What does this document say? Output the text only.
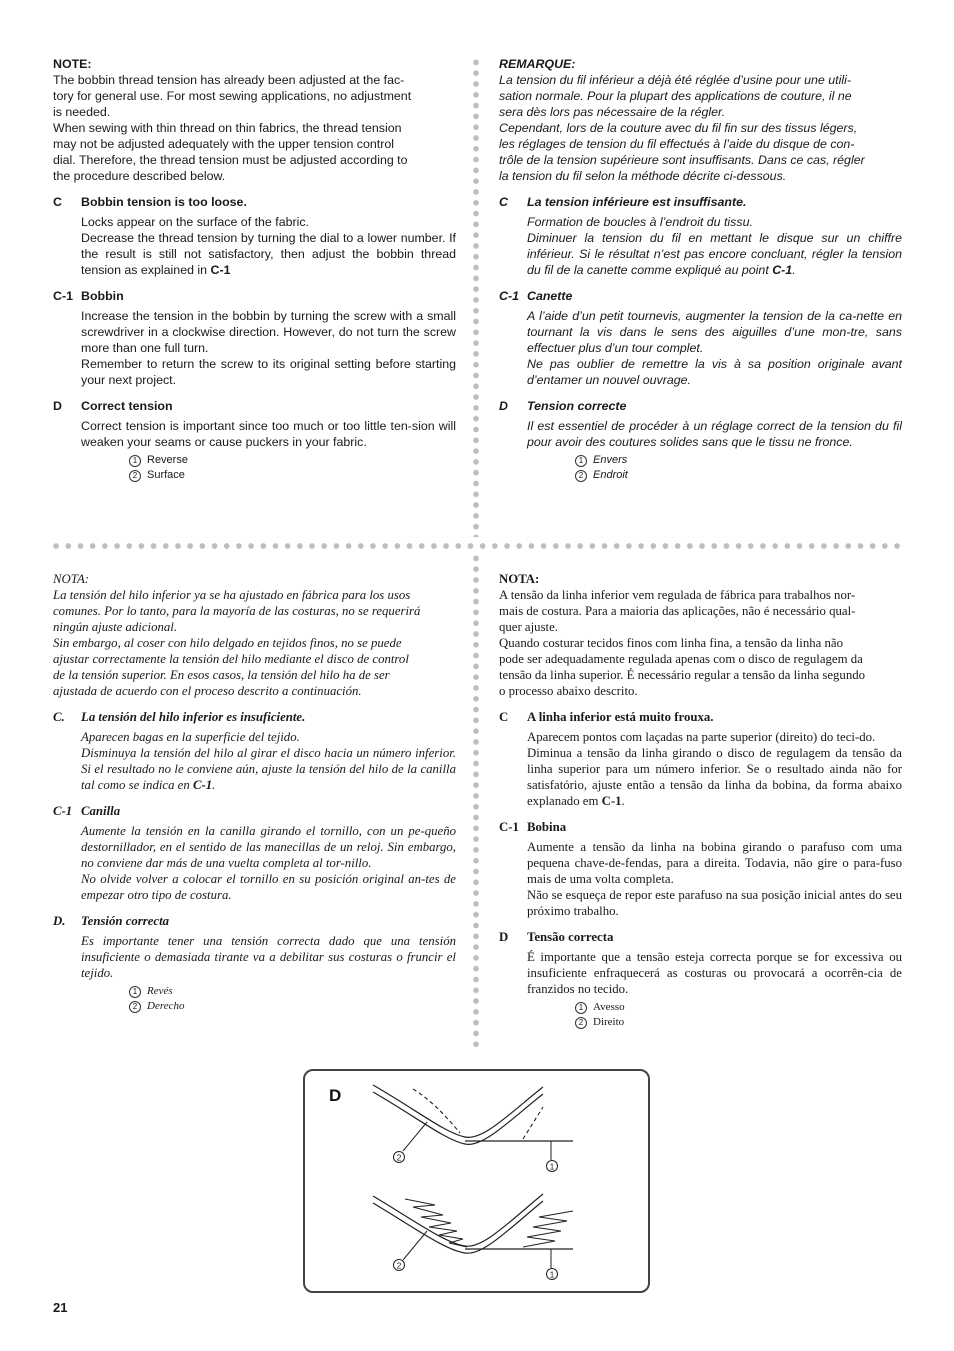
NOTE:

The bobbin thread tension has already been adjusted at the fac-
tory for general use. For most sewing applications, no adjustment
is needed.
When sewing with thin thread on thin fabrics, the thread tension
may not be adjusted adequately with the upper tension control
dial. Therefore, the thread tension must be adjusted according to
the procedure described below.

C	Bobbin tension is too loose.

Locks appear on the surface of the fabric.

Decrease the thread tension by turning the dial to a lower number. If the result is still not satisfactory, then adjust the bobbin thread tension as explained in C-1

C-1 Bobbin

Increase the tension in the bobbin by turning the screw with a small screwdriver in a clockwise direction. However, do not turn the screw more than one full turn.

Remember to return the screw to its original setting before starting your next project.

D	Correct tension

Correct tension is important since too much or too little ten-sion will weaken your seams or cause puckers in your fabric.

1 Reverse
2 Surface
REMARQUE:

La tension du fil inférieur a déjà été réglée d’usine pour une utili-
sation normale. Pour la plupart des applications de couture, il ne
sera dès lors pas nécessaire de la régler.
Cependant, lors de la couture avec du fil fin sur des tissus légers,
les réglages de tension du fil effectués à l’aide du disque de con-
trôle de la tension supérieure sont insuffisants. Dans ce cas, régler
la tension du fil selon la méthode décrite ci-dessous.

C	La tension inférieure est insuffisante.

Formation de boucles à l’endroit du tissu.

Diminuer la tension du fil en mettant le disque sur un chiffre inférieur. Si le résultat n’est pas encore concluant, régler la tension du fil de la canette comme expliqué au point C-1.

C-1 Canette

A l’aide d’un petit tournevis, augmenter la tension de la ca-nette en tournant la vis dans le sens des aiguilles d’une mon-tre, sans effectuer plus d’un tour complet.

Ne pas oublier de remettre la vis à sa position originale avant d’entamer un nouvel ouvrage.

D	Tension correcte

Il est essentiel de procéder à un réglage correct de la tension du fil pour avoir des coutures solides sans que le tissu ne fronce.

1 Envers
2 Endroit
NOTA:

La tensión del hilo inferior ya se ha ajustado en fábrica para los usos
comunes. Por lo tanto, para la mayoría de las costuras, no se requerirá
ningún ajuste adicional.
Sin embargo, al coser con hilo delgado en tejidos finos, no se puede
ajustar correctamente la tensión del hilo mediante el disco de control
de la tensión superior. En esos casos, la tensión del hilo ha de ser
ajustada de acuerdo con el proceso descrito a continuación.

C.	La tensión del hilo inferior es insuficiente.

Aparecen bagas en la superficie del tejido.

Disminuya la tensión del hilo al girar el disco hacia un número inferior. Si el resultado no le conviene aún, ajuste la tensión del hilo de la canilla tal como se indica en C-1.

C-1 Canilla

Aumente la tensión en la canilla girando el tornillo, con un pe-queño destornillador, en el sentido de las manecillas de un reloj. Sin embargo, no conviene dar más de una vuelta completa al tor-nillo.

No olvide volver a colocar el tornillo en su posición original an-tes de empezar otro tipo de costura.

D.	Tensión correcta

Es importante tener una tensión correcta dado que una tensión insuficiente o demasiada tirante va a debilitar sus costuras o fruncir el tejido.

1 Revés
2 Derecho
NOTA:

A tensão da linha inferior vem regulada de fábrica para trabalhos nor-
mais de costura. Para a maioria das aplicações, não é necessário qual-
quer ajuste.
Quando costurar tecidos finos com linha fina, a tensão da linha não
pode ser adequadamente regulada apenas com o disco de regulagem da
tensão da linha superior. É necessário regular a tensão da linha segundo
o processo abaixo descrito.

C	A linha inferior está muito frouxa.

Aparecem pontos com laçadas na parte superior (direito) do teci-do.

Diminua a tensão da linha girando o disco de regulagem da tensão da linha superior para um número inferior. Se o resultado ainda não for satisfatório, ajuste então a tensão da linha da bobina, da forma abaixo explanado em C-1.

C-1 Bobina

Aumente a tensão da linha na bobina girando o parafuso com uma pequena chave-de-fendas, para a direita. Todavia, não gire o para-fuso mais de uma volta completa.

Não se esqueça de repor este parafuso na sua posição inicial antes do seu próximo trabalho.

D	Tensão correcta

É importante que a tensão esteja correcta porque se for excessiva ou insuficiente enfraquecerá as costuras ou provocará a ocorrên-cia de franzidos no tecido.

1 Avesso
2 Direito
D
2
1
2
1
21
